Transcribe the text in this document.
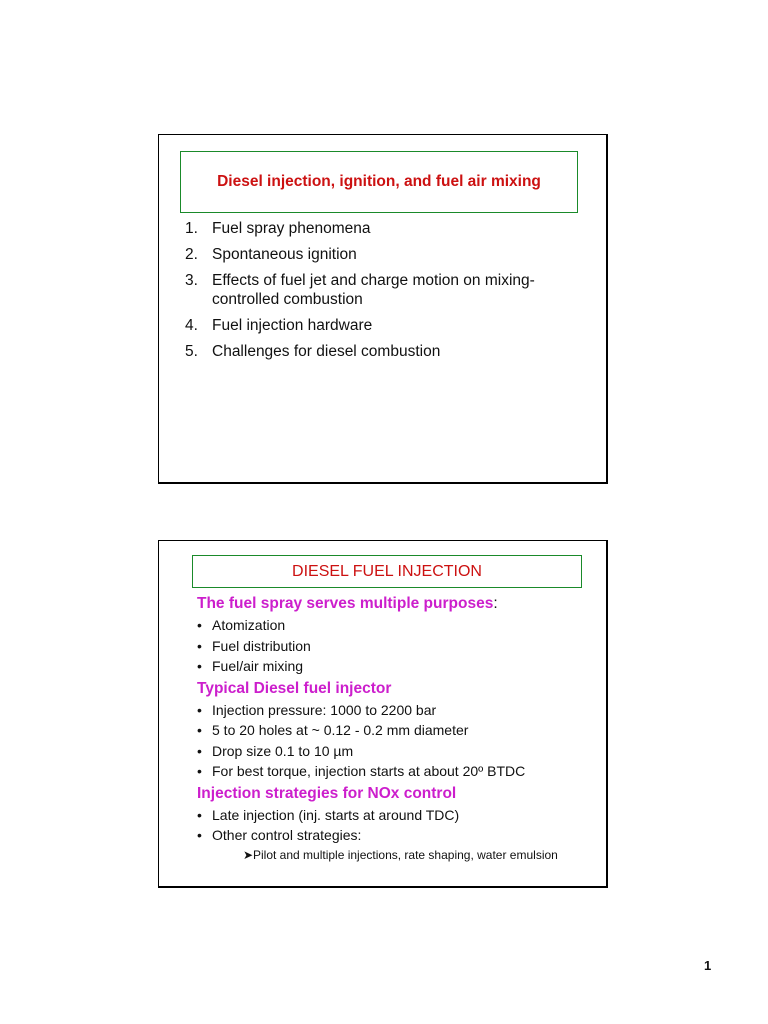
Diesel injection, ignition, and fuel air mixing
1. Fuel spray phenomena
2. Spontaneous ignition
3. Effects of fuel jet and charge motion on mixing-controlled combustion
4. Fuel injection hardware
5. Challenges for diesel combustion
DIESEL FUEL INJECTION
The fuel spray serves multiple purposes:
• Atomization
• Fuel distribution
• Fuel/air mixing
Typical Diesel fuel injector
• Injection pressure: 1000 to 2200 bar
• 5 to 20 holes at ~ 0.12 - 0.2 mm diameter
• Drop size 0.1 to 10 µm
• For best torque, injection starts at about 20º BTDC
Injection strategies for NOx control
• Late injection (inj. starts at around TDC)
• Other control strategies:
➤ Pilot and multiple injections, rate shaping, water emulsion
1
